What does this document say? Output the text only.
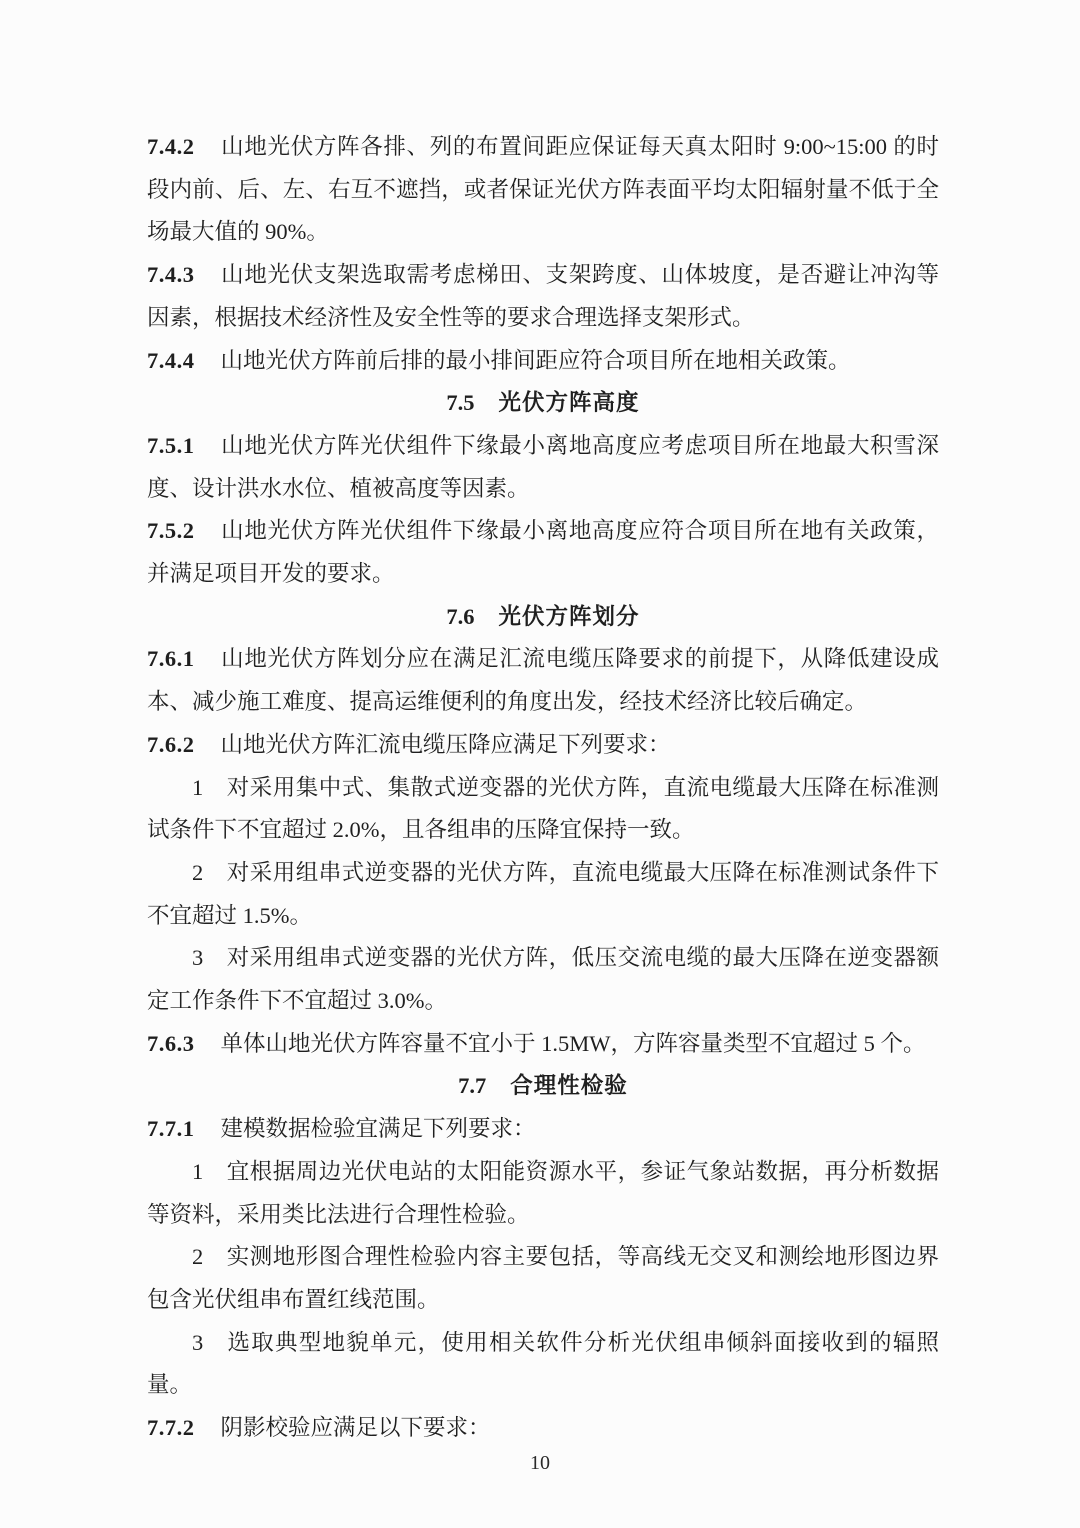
7.4.2 山地光伏方阵各排、列的布置间距应保证每天真太阳时 9:00~15:00 的时段内前、后、左、右互不遮挡，或者保证光伏方阵表面平均太阳辐射量不低于全场最大值的 90%。

7.4.3 山地光伏支架选取需考虑梯田、支架跨度、山体坡度，是否避让冲沟等因素，根据技术经济性及安全性等的要求合理选择支架形式。

7.4.4 山地光伏方阵前后排的最小排间距应符合项目所在地相关政策。

7.5 光伏方阵高度

7.5.1 山地光伏方阵光伏组件下缘最小离地高度应考虑项目所在地最大积雪深度、设计洪水水位、植被高度等因素。

7.5.2 山地光伏方阵光伏组件下缘最小离地高度应符合项目所在地有关政策，并满足项目开发的要求。

7.6 光伏方阵划分

7.6.1 山地光伏方阵划分应在满足汇流电缆压降要求的前提下，从降低建设成本、减少施工难度、提高运维便利的角度出发，经技术经济比较后确定。

7.6.2 山地光伏方阵汇流电缆压降应满足下列要求：

1 对采用集中式、集散式逆变器的光伏方阵，直流电缆最大压降在标准测试条件下不宜超过 2.0%，且各组串的压降宜保持一致。

2 对采用组串式逆变器的光伏方阵，直流电缆最大压降在标准测试条件下不宜超过 1.5%。

3 对采用组串式逆变器的光伏方阵，低压交流电缆的最大压降在逆变器额定工作条件下不宜超过 3.0%。

7.6.3 单体山地光伏方阵容量不宜小于 1.5MW，方阵容量类型不宜超过 5 个。

7.7 合理性检验

7.7.1 建模数据检验宜满足下列要求：

1 宜根据周边光伏电站的太阳能资源水平，参证气象站数据，再分析数据等资料，采用类比法进行合理性检验。

2 实测地形图合理性检验内容主要包括，等高线无交叉和测绘地形图边界包含光伏组串布置红线范围。

3 选取典型地貌单元，使用相关软件分析光伏组串倾斜面接收到的辐照量。

7.7.2 阴影校验应满足以下要求：

10
